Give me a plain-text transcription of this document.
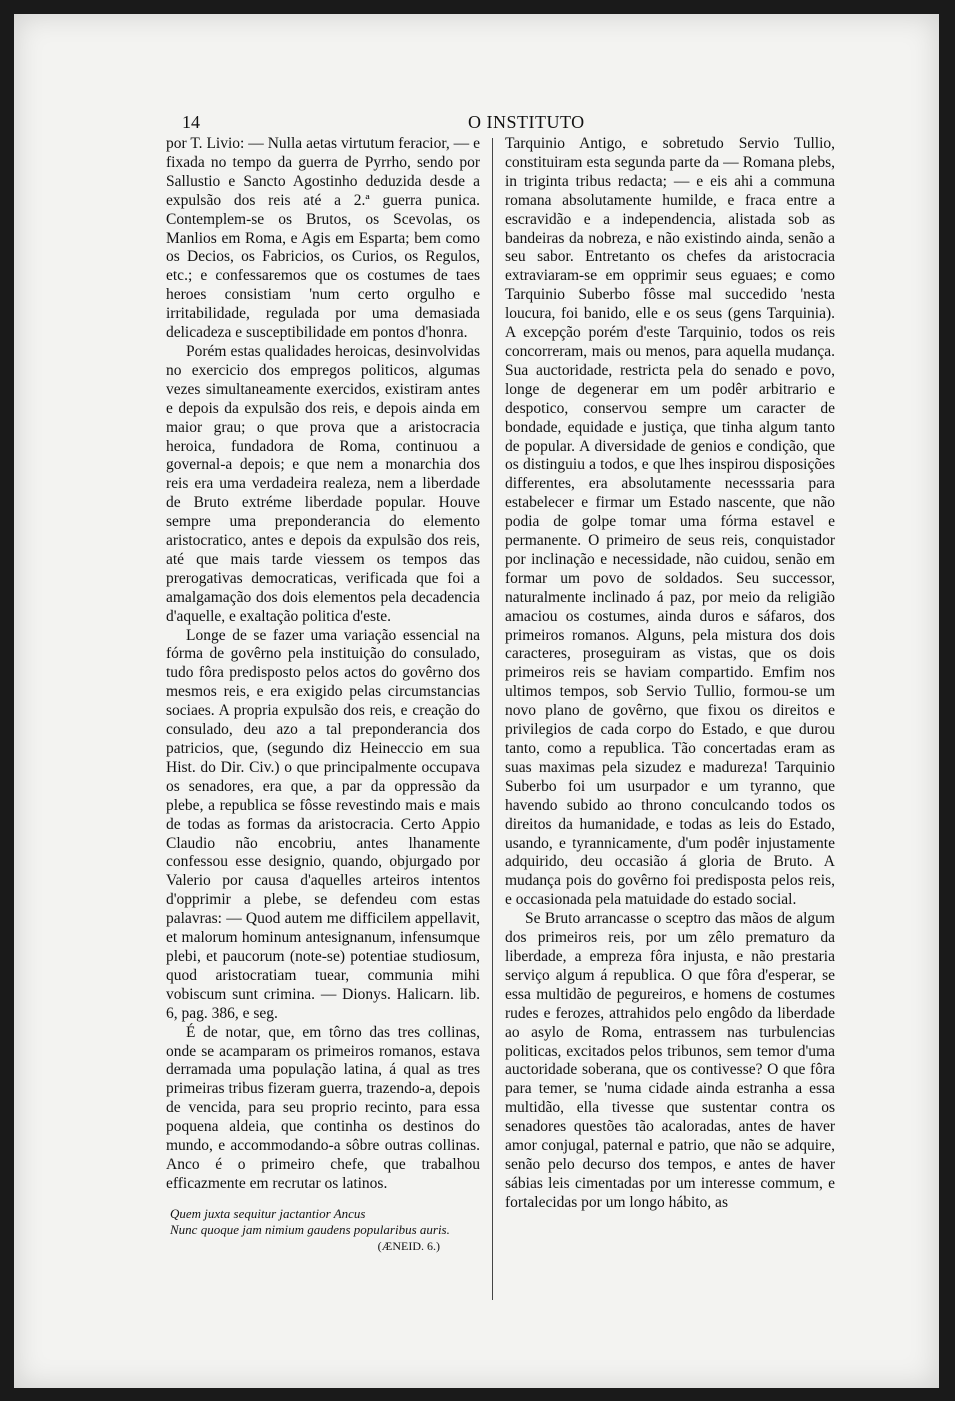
14	O INSTITUTO

por T. Livio: — Nulla aetas virtutum feracior, — e fixada no tempo da guerra de Pyrrho, sendo por Sallustio e Sancto Agostinho deduzida desde a expulsão dos reis até a 2.ª guerra punica. Contemplem-se os Brutos, os Scevolas, os Manlios em Roma, e Agis em Esparta; bem como os Decios, os Fabricios, os Curios, os Regulos, etc.; e confessaremos que os costumes de taes heroes consistiam 'num certo orgulho e irritabilidade, regulada por uma demasiada delicadeza e susceptibilidade em pontos d'honra.

Porém estas qualidades heroicas, desinvolvidas no exercicio dos empregos politicos, algumas vezes simultaneamente exercidos, existiram antes e depois da expulsão dos reis, e depois ainda em maior grau; o que prova que a aristocracia heroica, fundadora de Roma, continuou a governal-a depois; e que nem a monarchia dos reis era uma verdadeira realeza, nem a liberdade de Bruto extréme liberdade popular. Houve sempre uma preponderancia do elemento aristocratico, antes e depois da expulsão dos reis, até que mais tarde viessem os tempos das prerogativas democraticas, verificada que foi a amalgamação dos dois elementos pela decadencia d'aquelle, e exaltação politica d'este.

Longe de se fazer uma variação essencial na fórma de govêrno pela instituição do consulado, tudo fôra predisposto pelos actos do govêrno dos mesmos reis, e era exigido pelas circumstancias sociaes. A propria expulsão dos reis, e creação do consulado, deu azo a tal preponderancia dos patricios, que, (segundo diz Heineccio em sua Hist. do Dir. Civ.) o que principalmente occupava os senadores, era que, a par da oppressão da plebe, a republica se fôsse revestindo mais e mais de todas as formas da aristocracia. Certo Appio Claudio não encobriu, antes lhanamente confessou esse designio, quando, objurgado por Valerio por causa d'aquelles arteiros intentos d'opprimir a plebe, se defendeu com estas palavras: — Quod autem me difficilem appellavit, et malorum hominum antesignanum, infensumque plebi, et paucorum (note-se) potentiae studiosum, quod aristocratiam tuear, communia mihi vobiscum sunt crimina. — Dionys. Halicarn. lib. 6, pag. 386, e seg.

É de notar, que, em tôrno das tres collinas, onde se acamparam os primeiros romanos, estava derramada uma população latina, á qual as tres primeiras tribus fizeram guerra, trazendo-a, depois de vencida, para seu proprio recinto, para essa poquena aldeia, que continha os destinos do mundo, e accommodando-a sôbre outras collinas. Anco é o primeiro chefe, que trabalhou efficazmente em recrutar os latinos.

Quem juxta sequitur jactantior Ancus
Nunc quoque jam nimium gaudens popularibus auris.
(ÆNEID. 6.)

Tarquinio Antigo, e sobretudo Servio Tullio, constituiram esta segunda parte da — Romana plebs, in triginta tribus redacta; — e eis ahi a communa romana absolutamente humilde, e fraca entre a escravidão e a independencia, alistada sob as bandeiras da nobreza, e não existindo ainda, senão a seu sabor. Entretanto os chefes da aristocracia extraviaram-se em opprimir seus eguaes; e como Tarquinio Suberbo fôsse mal succedido 'nesta loucura, foi banido, elle e os seus (gens Tarquinia). A excepção porém d'este Tarquinio, todos os reis concorreram, mais ou menos, para aquella mudança. Sua auctoridade, restricta pela do senado e povo, longe de degenerar em um podêr arbitrario e despotico, conservou sempre um caracter de bondade, equidade e justiça, que tinha algum tanto de popular. A diversidade de genios e condição, que os distinguiu a todos, e que lhes inspirou disposições differentes, era absolutamente necesssaria para estabelecer e firmar um Estado nascente, que não podia de golpe tomar uma fórma estavel e permanente. O primeiro de seus reis, conquistador por inclinação e necessidade, não cuidou, senão em formar um povo de soldados. Seu successor, naturalmente inclinado á paz, por meio da religião amaciou os costumes, ainda duros e sáfaros, dos primeiros romanos. Alguns, pela mistura dos dois caracteres, proseguiram as vistas, que os dois primeiros reis se haviam compartido. Emfim nos ultimos tempos, sob Servio Tullio, formou-se um novo plano de govêrno, que fixou os direitos e privilegios de cada corpo do Estado, e que durou tanto, como a republica. Tão concertadas eram as suas maximas pela sizudez e madureza! Tarquinio Suberbo foi um usurpador e um tyranno, que havendo subido ao throno conculcando todos os direitos da humanidade, e todas as leis do Estado, usando, e tyrannicamente, d'um podêr injustamente adquirido, deu occasião á gloria de Bruto. A mudança pois do govêrno foi predisposta pelos reis, e occasionada pela matuidade do estado social.

Se Bruto arrancasse o sceptro das mãos de algum dos primeiros reis, por um zêlo prematuro da liberdade, a empreza fôra injusta, e não prestaria serviço algum á republica. O que fôra d'esperar, se essa multidão de pegureiros, e homens de costumes rudes e ferozes, attrahidos pelo engôdo da liberdade ao asylo de Roma, entrassem nas turbulencias politicas, excitados pelos tribunos, sem temor d'uma auctoridade soberana, que os contivesse? O que fôra para temer, se 'numa cidade ainda estranha a essa multidão, ella tivesse que sustentar contra os senadores questões tão acaloradas, antes de haver amor conjugal, paternal e patrio, que não se adquire, senão pelo decurso dos tempos, e antes de haver sábias leis cimentadas por um interesse commum, e fortalecidas por um longo hábito, as
